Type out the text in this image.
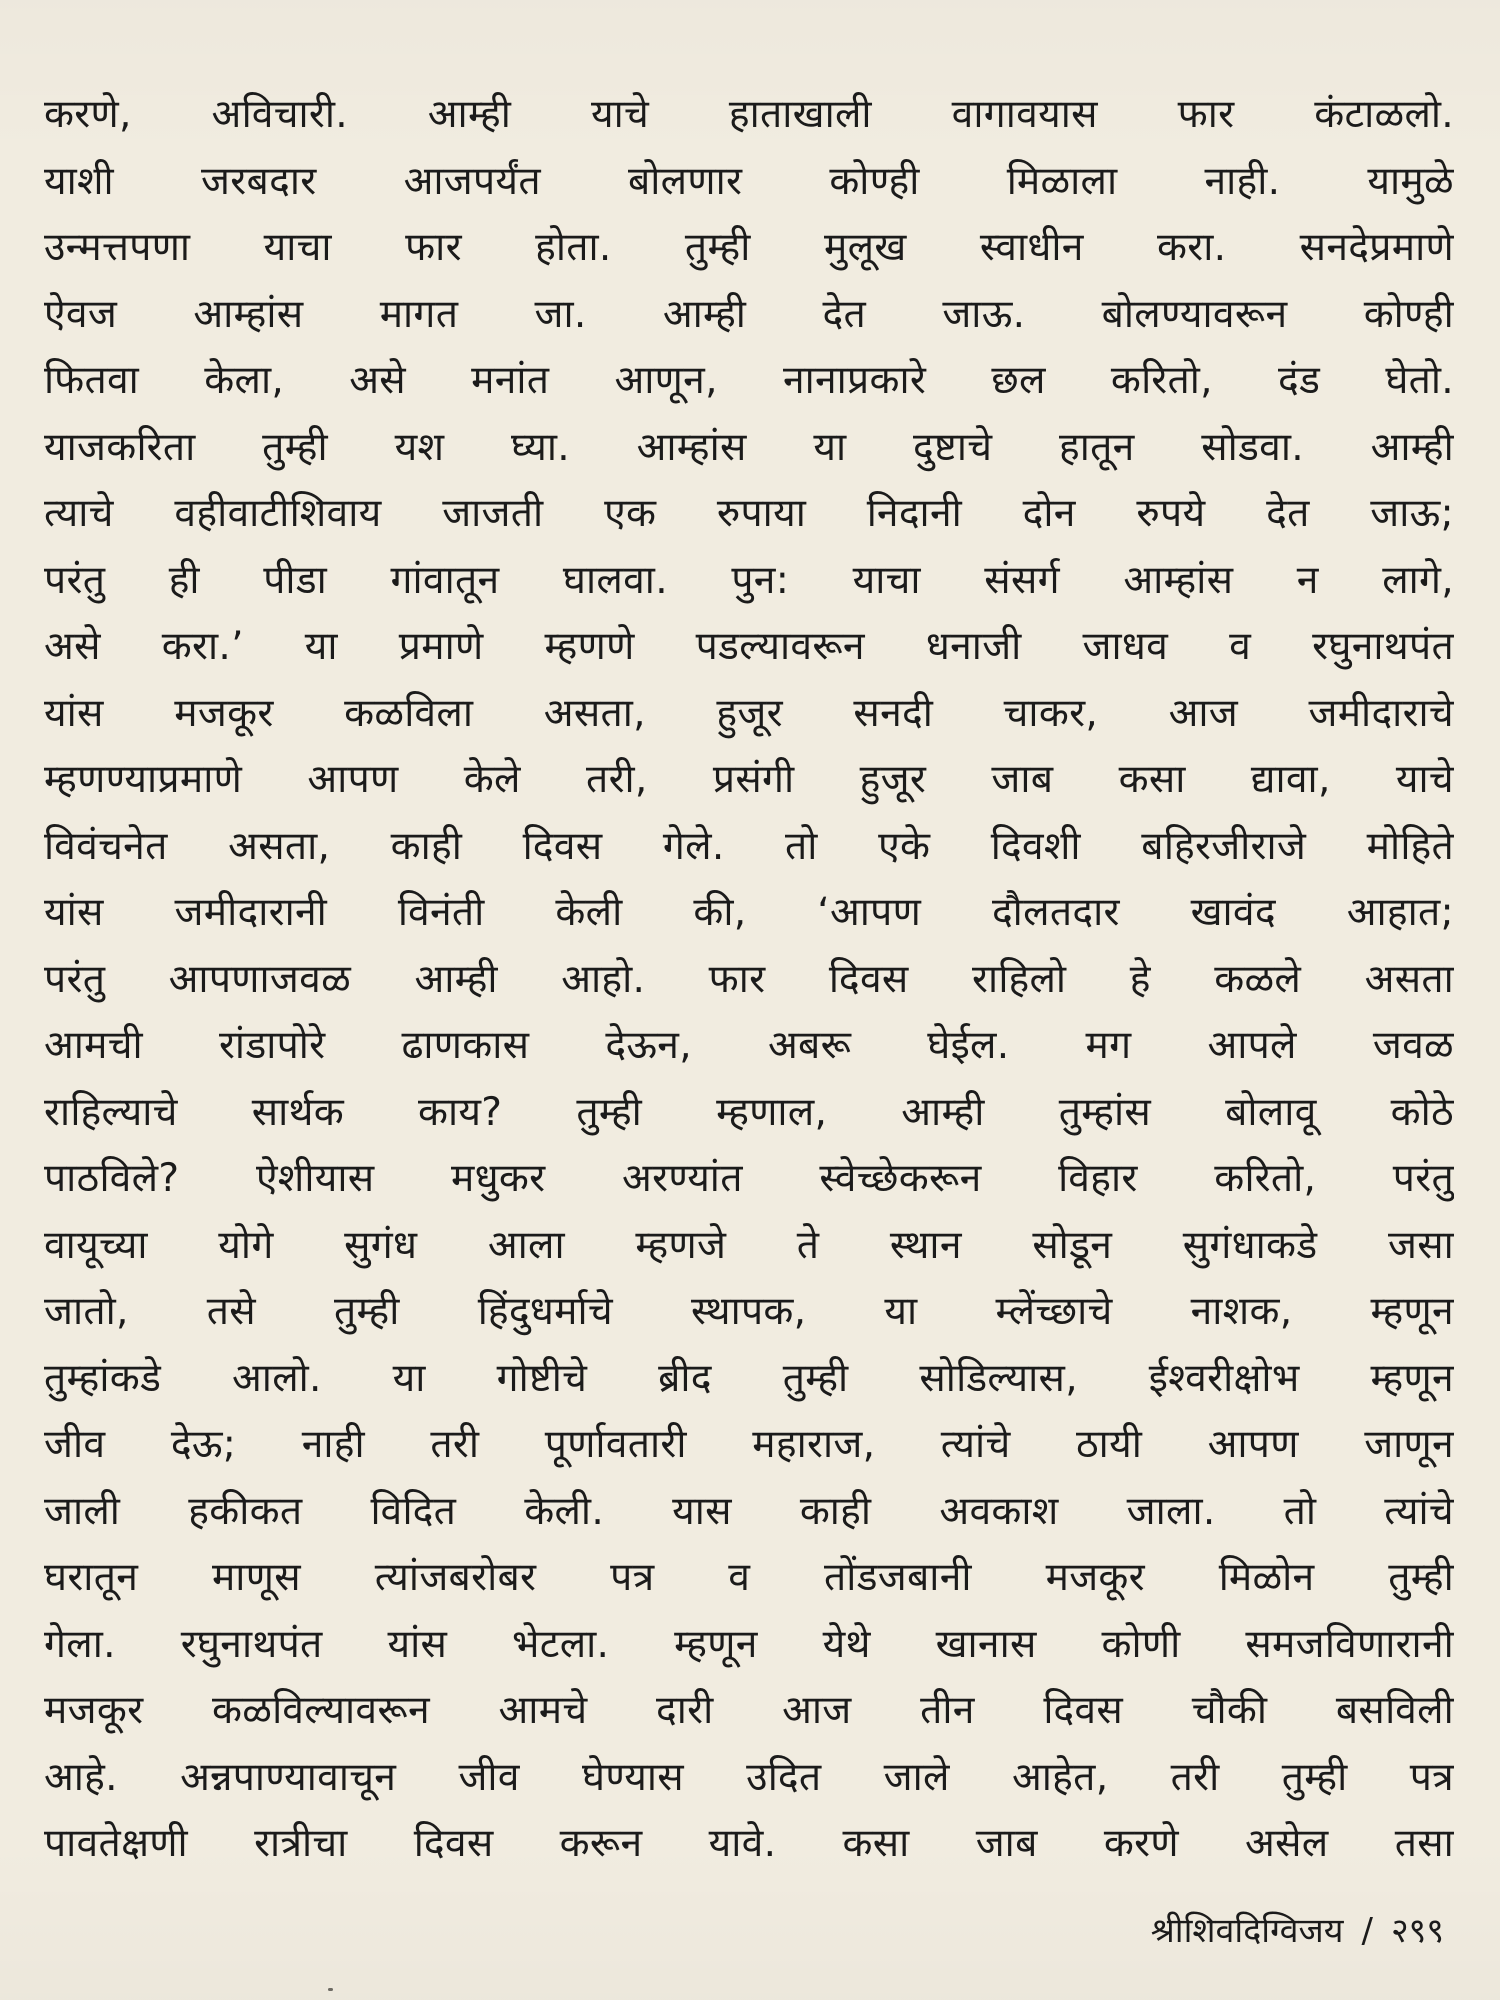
करणे, अविचारी. आम्ही याचे हाताखाली वागावयास फार कंटाळलो.
याशी जरबदार आजपर्यंत बोलणार कोण्ही मिळाला नाही. यामुळे
उन्मत्तपणा याचा फार होता. तुम्ही मुलूख स्वाधीन करा. सनदेप्रमाणे
ऐवज आम्हांस मागत जा. आम्ही देत जाऊ. बोलण्यावरून कोण्ही
फितवा केला, असे मनांत आणून, नानाप्रकारे छल करितो, दंड घेतो.
याजकरिता तुम्ही यश घ्या. आम्हांस या दुष्टाचे हातून सोडवा. आम्ही
त्याचे वहीवाटीशिवाय जाजती एक रुपाया निदानी दोन रुपये देत जाऊ;
परंतु ही पीडा गांवातून घालवा. पुन: याचा संसर्ग आम्हांस न लागे,
असे करा.’ या प्रमाणे म्हणणे पडल्यावरून धनाजी जाधव व रघुनाथपंत
यांस मजकूर कळविला असता, हुजूर सनदी चाकर, आज जमीदाराचे
म्हणण्याप्रमाणे आपण केले तरी, प्रसंगी हुजूर जाब कसा द्यावा, याचे
विवंचनेत असता, काही दिवस गेले. तो एके दिवशी बहिरजीराजे मोहिते
यांस जमीदारानी विनंती केली की, ‘आपण दौलतदार खावंद आहात;
परंतु आपणाजवळ आम्ही आहो. फार दिवस राहिलो हे कळले असता
आमची रांडापोरे ढाणकास देऊन, अबरू घेईल. मग आपले जवळ
राहिल्याचे सार्थक काय? तुम्ही म्हणाल, आम्ही तुम्हांस बोलावू कोठे
पाठविले? ऐशीयास मधुकर अरण्यांत स्वेच्छेकरून विहार करितो, परंतु
वायूच्या योगे सुगंध आला म्हणजे ते स्थान सोडून सुगंधाकडे जसा
जातो, तसे तुम्ही हिंदुधर्माचे स्थापक, या म्लेंच्छाचे नाशक, म्हणून
तुम्हांकडे आलो. या गोष्टीचे ब्रीद तुम्ही सोडिल्यास, ईश्वरीक्षोभ म्हणून
जीव देऊ; नाही तरी पूर्णावतारी महाराज, त्यांचे ठायी आपण जाणून
जाली हकीकत विदित केली. यास काही अवकाश जाला. तो त्यांचे
घरातून माणूस त्यांजबरोबर पत्र व तोंडजबानी मजकूर मिळोन तुम्ही
गेला. रघुनाथपंत यांस भेटला. म्हणून येथे खानास कोणी समजविणारानी
मजकूर कळविल्यावरून आमचे दारी आज तीन दिवस चौकी बसविली
आहे. अन्नपाण्यावाचून जीव घेण्यास उदित जाले आहेत, तरी तुम्ही पत्र
पावतेक्षणी रात्रीचा दिवस करून यावे. कसा जाब करणे असेल तसा
श्रीशिवदिग्विजय / २९९
